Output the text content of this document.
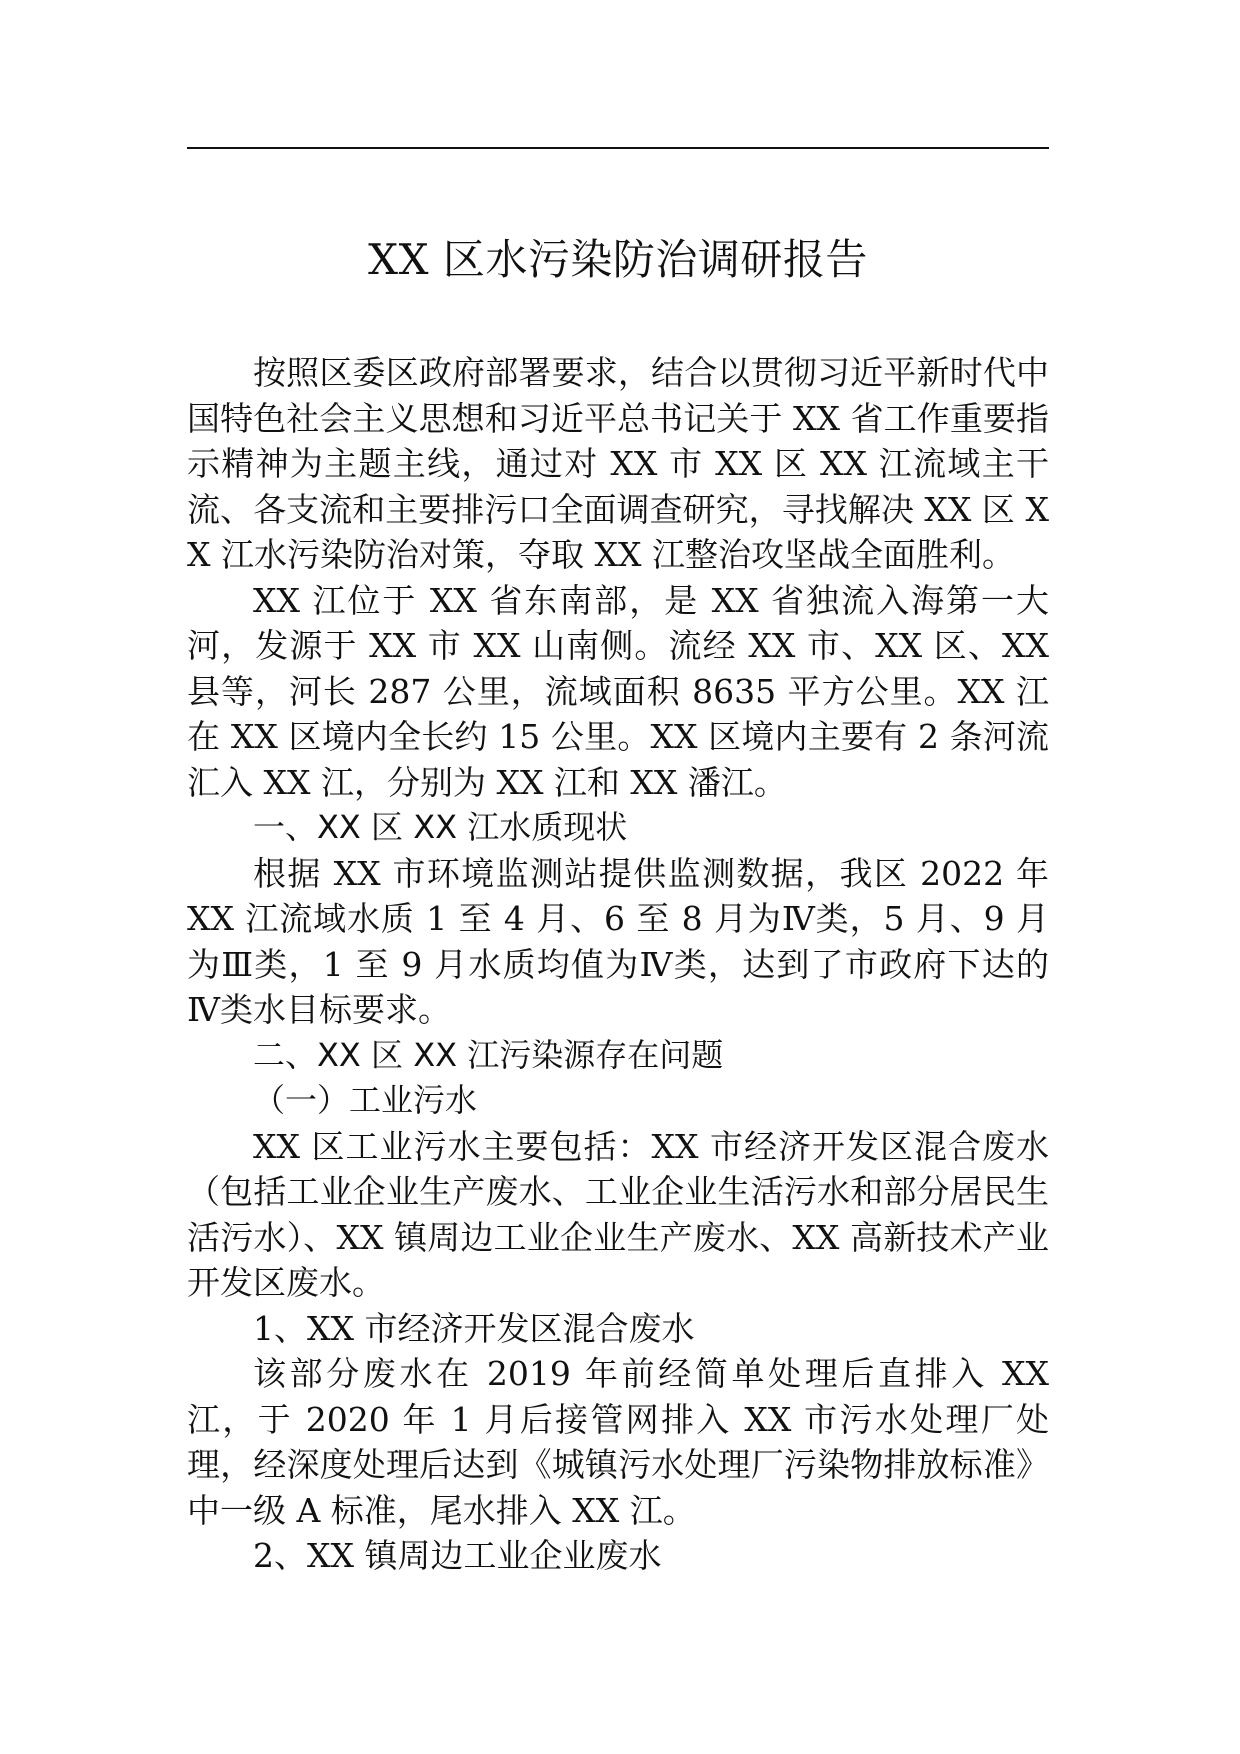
XX 区水污染防治调研报告

按照区委区政府部署要求，结合以贯彻习近平新时代中国特色社会主义思想和习近平总书记关于 XX 省工作重要指示精神为主题主线，通过对 XX 市 XX 区 XX 江流域主干流、各支流和主要排污口全面调查研究，寻找解决 XX 区 XX 江水污染防治对策，夺取 XX 江整治攻坚战全面胜利。

XX 江位于 XX 省东南部，是 XX 省独流入海第一大河，发源于 XX 市 XX 山南侧。流经 XX 市、XX 区、XX 县等，河长 287 公里，流域面积 8635 平方公里。XX 江在 XX 区境内全长约 15 公里。XX 区境内主要有 2 条河流汇入 XX 江，分别为 XX 江和 XX 潘江。

一、XX 区 XX 江水质现状

根据 XX 市环境监测站提供监测数据，我区 2022 年 XX 江流域水质 1 至 4 月、6 至 8 月为Ⅳ类，5 月、9 月为Ⅲ类，1 至 9 月水质均值为Ⅳ类，达到了市政府下达的Ⅳ类水目标要求。

二、XX 区 XX 江污染源存在问题

（一）工业污水

XX 区工业污水主要包括：XX 市经济开发区混合废水（包括工业企业生产废水、工业企业生活污水和部分居民生活污水）、XX 镇周边工业企业生产废水、XX 高新技术产业开发区废水。

1、XX 市经济开发区混合废水

该部分废水在 2019 年前经简单处理后直排入 XX 江，于 2020 年 1 月后接管网排入 XX 市污水处理厂处理，经深度处理后达到《城镇污水处理厂污染物排放标准》中一级 A 标准，尾水排入 XX 江。

2、XX 镇周边工业企业废水
